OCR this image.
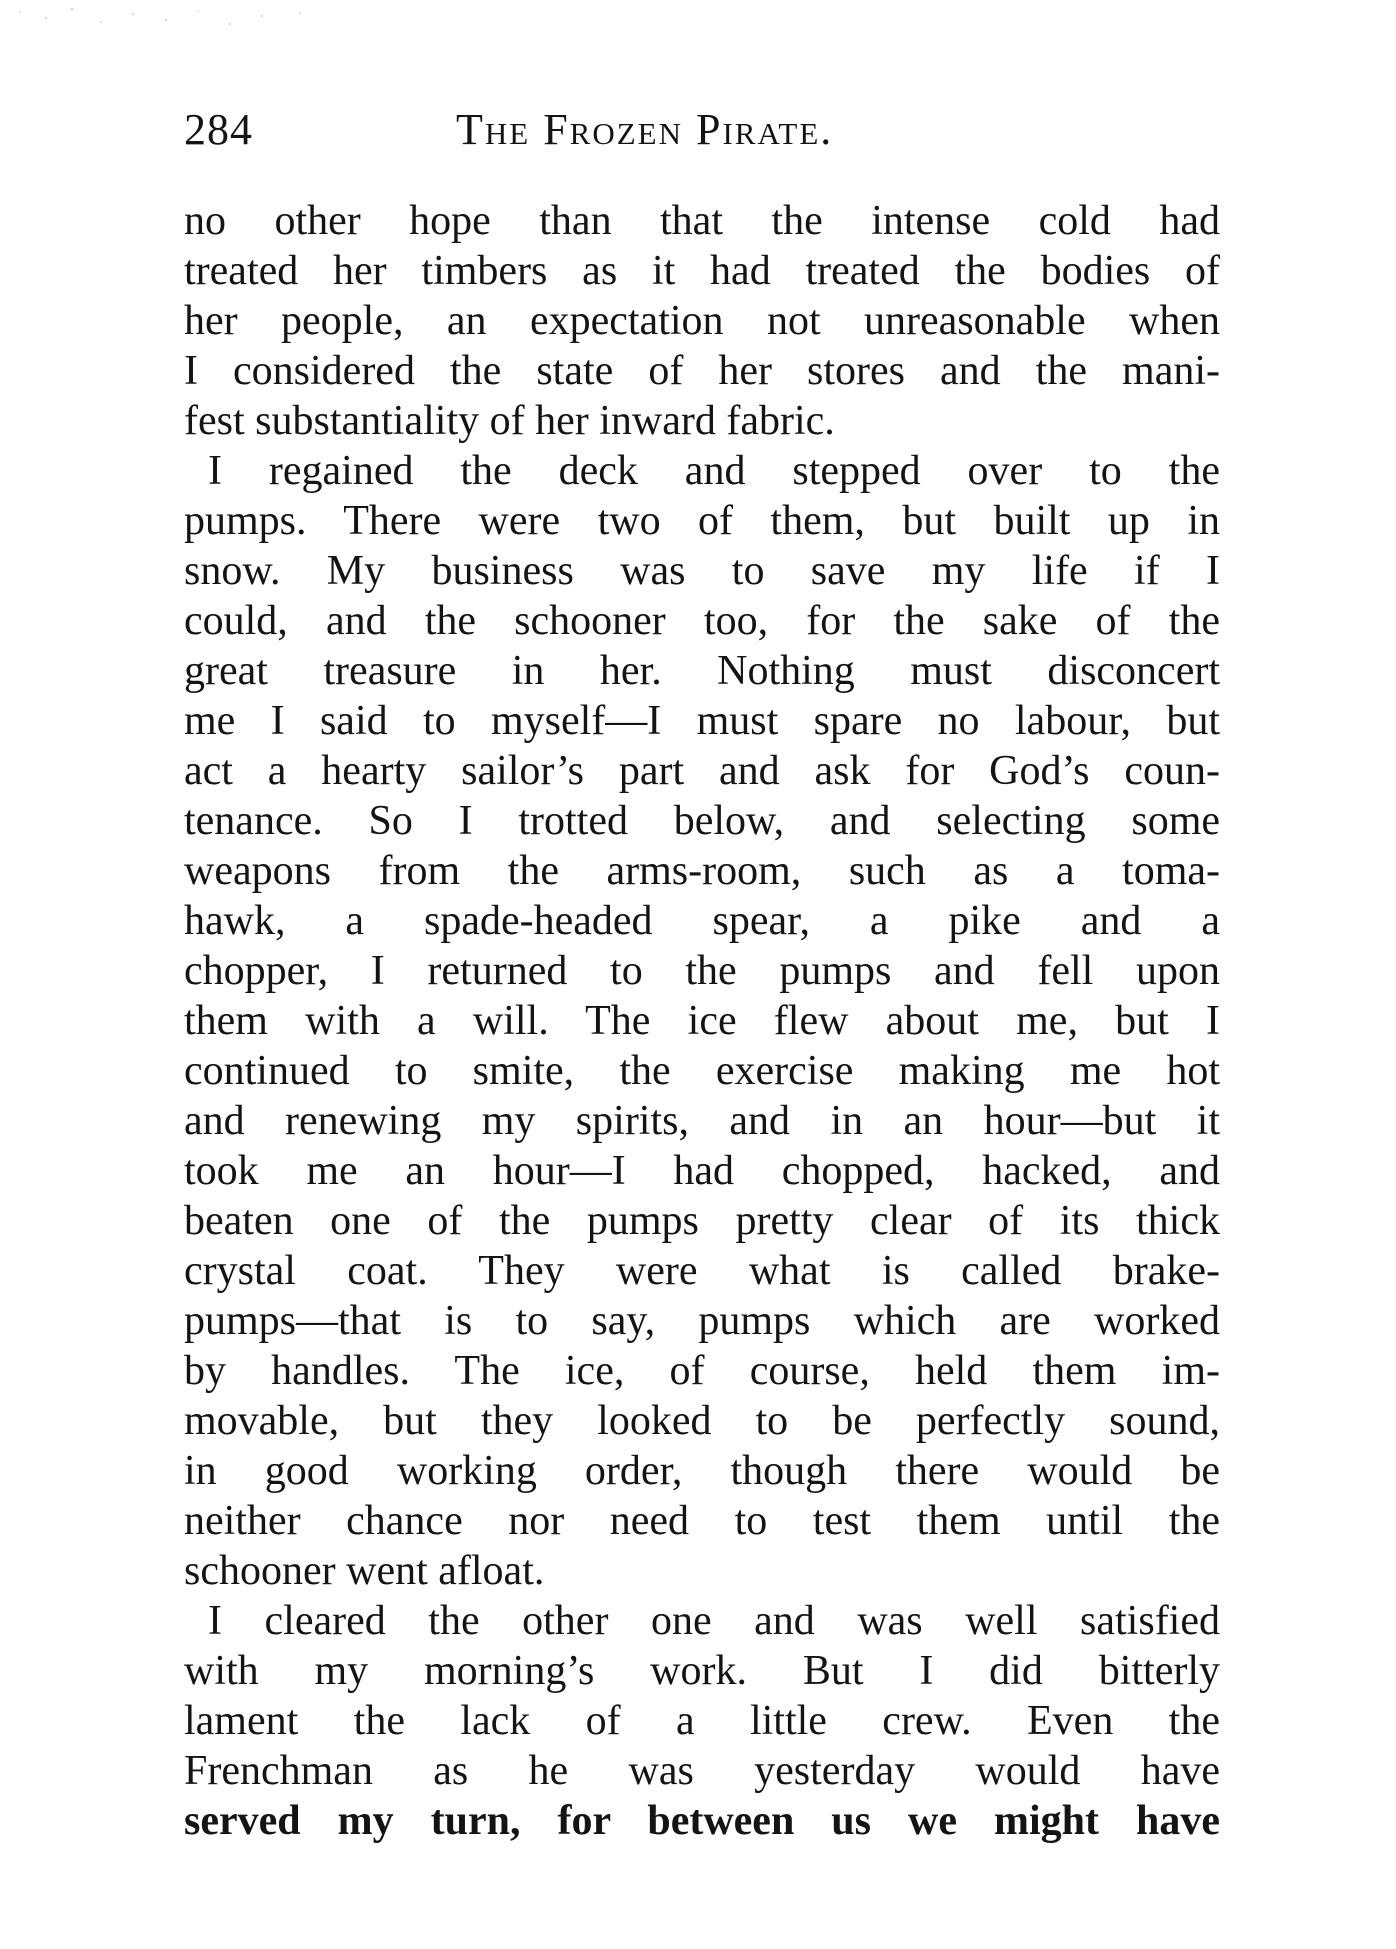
284	The Frozen Pirate.
no other hope than that the intense cold had
treated her timbers as it had treated the bodies of
her people, an expectation not unreasonable when
I considered the state of her stores and the mani-
fest substantiality of her inward fabric.
I regained the deck and stepped over to the
pumps. There were two of them, but built up in
snow. My business was to save my life if I
could, and the schooner too, for the sake of the
great treasure in her. Nothing must disconcert
me I said to myself—I must spare no labour, but
act a hearty sailor’s part and ask for God’s coun-
tenance. So I trotted below, and selecting some
weapons from the arms-room, such as a toma-
hawk, a spade-headed spear, a pike and a
chopper, I returned to the pumps and fell upon
them with a will. The ice flew about me, but I
continued to smite, the exercise making me hot
and renewing my spirits, and in an hour—but it
took me an hour—I had chopped, hacked, and
beaten one of the pumps pretty clear of its thick
crystal coat. They were what is called brake-
pumps—that is to say, pumps which are worked
by handles. The ice, of course, held them im-
movable, but they looked to be perfectly sound,
in good working order, though there would be
neither chance nor need to test them until the
schooner went afloat.
I cleared the other one and was well satisfied
with my morning’s work. But I did bitterly
lament the lack of a little crew. Even the
Frenchman as he was yesterday would have
served my turn, for between us we might have
